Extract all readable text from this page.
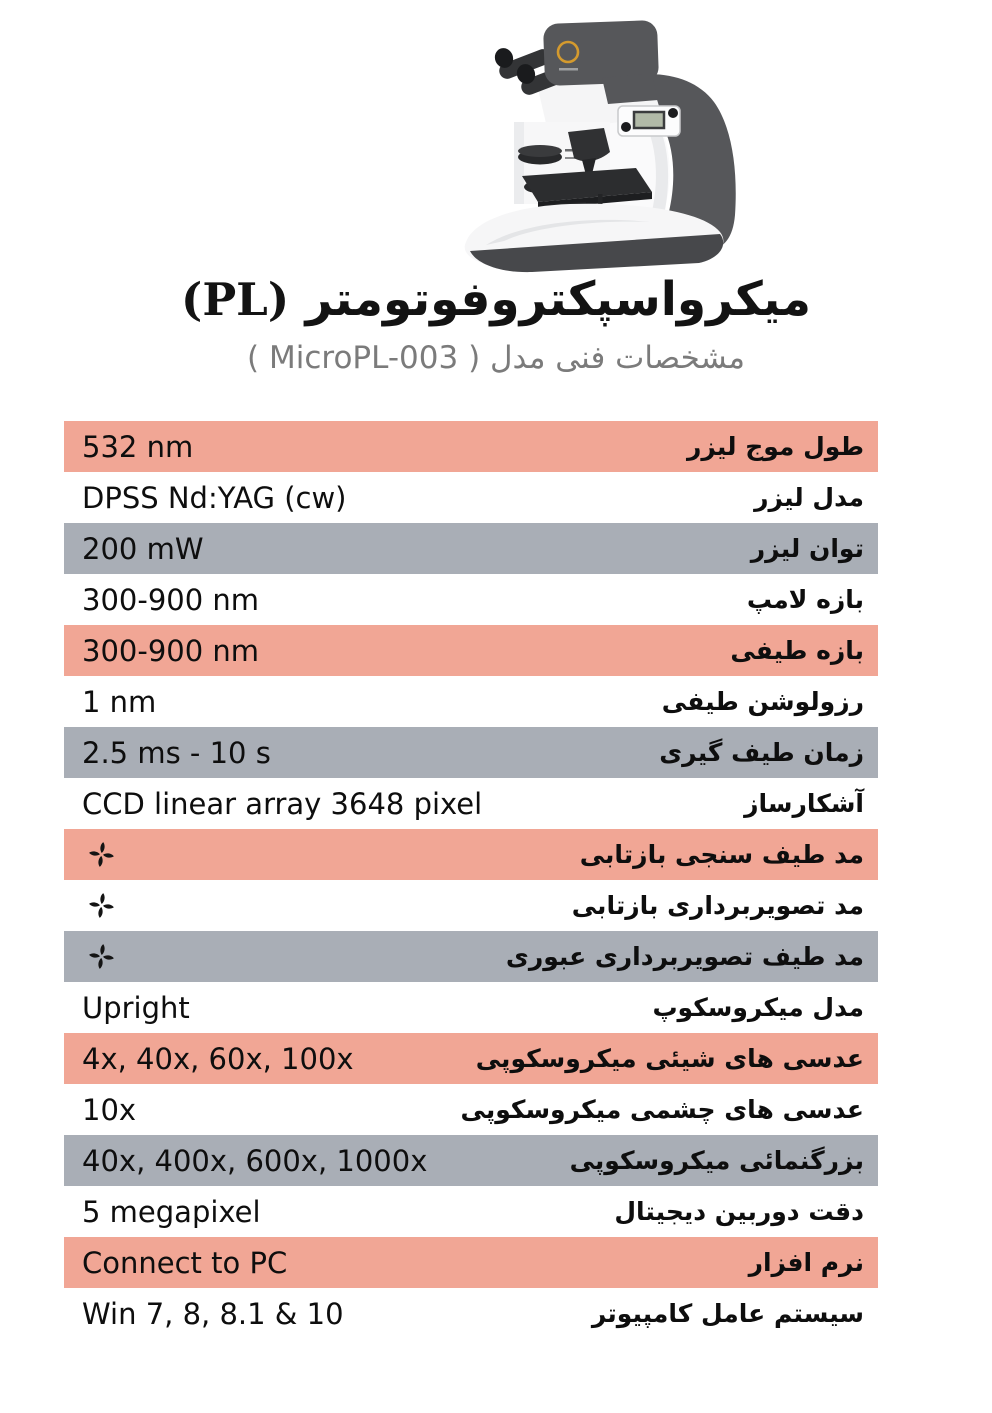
میکرواسپکتروفوتومتر (PL)

مشخصات فنی مدل ( MicroPL-003 )

532 nm	طول موج لیزر
DPSS Nd:YAG (cw)	مدل لیزر
200 mW	توان لیزر
300-900 nm	بازه لامپ
300-900 nm	بازه طیفی
1 nm	رزولوشن طیفی
2.5 ms - 10 s	زمان طیف گیری
CCD linear array 3648 pixel	آشکارساز
مد طیف سنجی بازتابی
مد تصویربرداری بازتابی
مد طیف تصویربرداری عبوری
Upright	مدل میکروسکوپ
4x, 40x, 60x, 100x	عدسی های شیئی میکروسکوپی
10x	عدسی های چشمی میکروسکوپی
40x, 400x, 600x, 1000x	بزرگنمائی میکروسکوپی
5 megapixel	دقت دوربین دیجیتال
Connect to PC	نرم افزار
Win 7, 8, 8.1 & 10	سیستم عامل کامپیوتر
